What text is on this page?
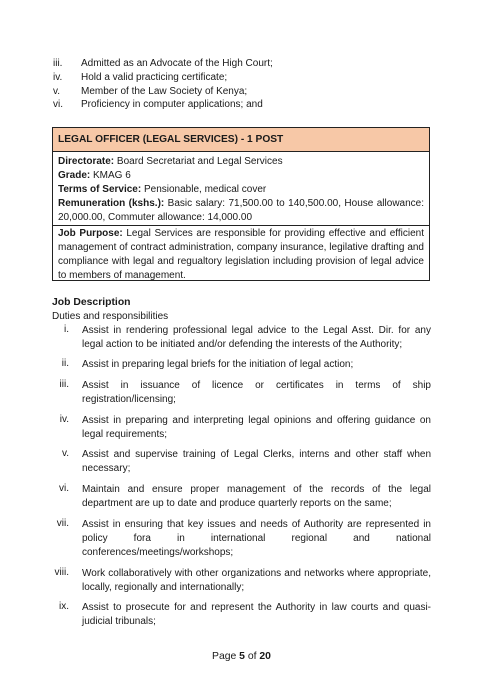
iii.	Admitted as an Advocate of the High Court;
iv.	Hold a valid practicing certificate;
v.	Member of the Law Society of Kenya;
vi.	Proficiency in computer applications; and
LEGAL OFFICER (LEGAL SERVICES) - 1 POST
Directorate: Board Secretariat and Legal Services
Grade: KMAG 6
Terms of Service: Pensionable, medical cover
Remuneration (kshs.): Basic salary: 71,500.00 to 140,500.00, House allowance: 20,000.00, Commuter allowance: 14,000.00
Job Purpose: Legal Services are responsible for providing effective and efficient management of contract administration, company insurance, legilative drafting and compliance with legal and regualtory legislation including provision of legal advice to members of management.
Job Description
Duties and responsibilities
i. Assist in rendering professional legal advice to the Legal Asst. Dir. for any legal action to be initiated and/or defending the interests of the Authority;
ii. Assist in preparing legal briefs for the initiation of legal action;
iii. Assist in issuance of licence or certificates in terms of ship registration/licensing;
iv. Assist in preparing and interpreting legal opinions and offering guidance on legal requirements;
v. Assist and supervise training of Legal Clerks, interns and other staff when necessary;
vi. Maintain and ensure proper management of the records of the legal department are up to date and produce quarterly reports on the same;
vii. Assist in ensuring that key issues and needs of Authority are represented in policy fora in international regional and national conferences/meetings/workshops;
viii. Work collaboratively with other organizations and networks where appropriate, locally, regionally and internationally;
ix. Assist to prosecute for and represent the Authority in law courts and quasi-judicial tribunals;
Page 5 of 20
